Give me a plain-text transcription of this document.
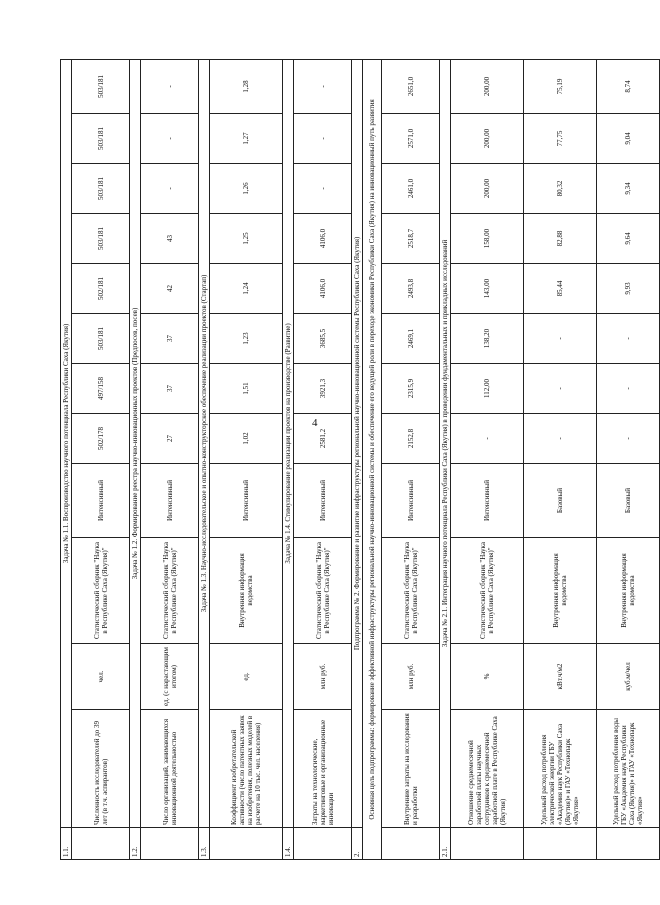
4
1.1.	Задача № 1.1. Воспроизводство научного потенциала Республики Саха (Якутия)											
	Численность исследователей до 39 лет (в т.ч. аспирантов)	чел.	Статистический сборник "Наука в Республике Саха (Якутия)"	Интенсивный	502/178	497/158	503/181	502/181	503/181	503/181	503/181	503/181
1.2.	Задача № 1.2. Формирование реестра научно-инновационных проектов (Предпосев, посев)											
	Число организаций, занимающихся инновационной деятельностью	ед. (с нарастающим итогом)	Статистический сборник "Наука в Республике Саха (Якутия)"	Интенсивный	27	37	37	42	43	-	-	-
1.3.	Задача № 1.3. Научно-исследовательское и опытно-конструкторское обеспечение реализации проектов (Стартап)											
	Коэффициент изобретательской активности (число патентных заявок на изобретения, полезных моделей в расчете на 10 тыс. чел. населения)	ед.	Внутренняя информация ведомства	Интенсивный	1,02	1,51	1,23	1,24	1,25	1,26	1,27	1,28
1.4.	Задача № 1.4. Стимулирование реализации проектов на производстве (Развитие)											
	Затраты на технологические, маркетинговые и организационные инновации	млн руб.	Статистический сборник "Наука в Республике Саха (Якутия)"	Интенсивный	2581,2	3921,3	3685,5	4106,0	4106,0	-	-	-
2.	Подпрограмма № 2. Формирование и развитие инфраструктуры региональной научно-инновационной системы Республики Саха (Якутия)											
Основная цель подпрограммы: формирование эффективной инфраструктуры региональной научно-инновационной системы и обеспечение его ведущей роли в переходе экономики Республики Саха (Якутия) на инновационный путь развития												
	Внутренние затраты на исследования и разработки	млн руб.	Статистический сборник "Наука в Республике Саха (Якутия)"	Интенсивный	2152,8	2315,9	2469,1	2493,8	2518,7	2461,0	2571,0	2651,0
2.1.	Задача № 2.1. Интеграция научного потенциала Республики Саха (Якутия) в проведении фундаментальных и прикладных исследований											
	Отношение среднемесячной заработной платы научных сотрудников к среднемесячной заработной плате в Республике Саха (Якутия)	%	Статистический сборник "Наука в Республике Саха (Якутия)"	Интенсивный	-	112,00	138,20	143,00	158,00	200,00	200,00	200,00
	Удельный расход потребления электрической энергии ГБУ «Академия наук Республики Саха (Якутия)» и ГАУ «Технопарк «Якутия»	кВт.ч/м2	Внутренняя информация ведомства	Базовый	-	-	-	85,44	82,88	80,32	77,75	75,19
	Удельный расход потребления воды ГБУ «Академия наук Республики Саха (Якутия)» и ГАУ «Технопарк «Якутия»	куб.м/чел	Внутренняя информация ведомства	Базовый	-	-	-	9,93	9,64	9,34	9,04	8,74
